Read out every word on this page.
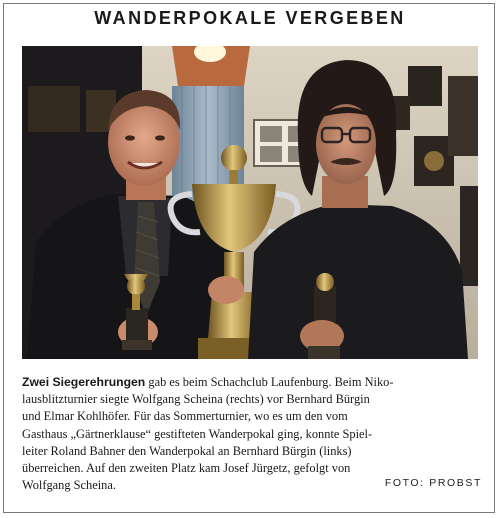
WANDERPOKALE VERGEBEN
Zwei Siegerehrungen gab es beim Schachclub Laufenburg. Beim Niko-
lausblitzturnier siegte Wolfgang Scheina (rechts) vor Bernhard Bürgin
und Elmar Kohlhöfer. Für das Sommerturnier, wo es um den vom
Gasthaus „Gärtnerklause“ gestifteten Wanderpokal ging, konnte Spiel-
leiter Roland Bahner den Wanderpokal an Bernhard Bürgin (links)
überreichen. Auf den zweiten Platz kam Josef Jürgetz, gefolgt von
Wolfgang Scheina.	FOTO: PROBST
